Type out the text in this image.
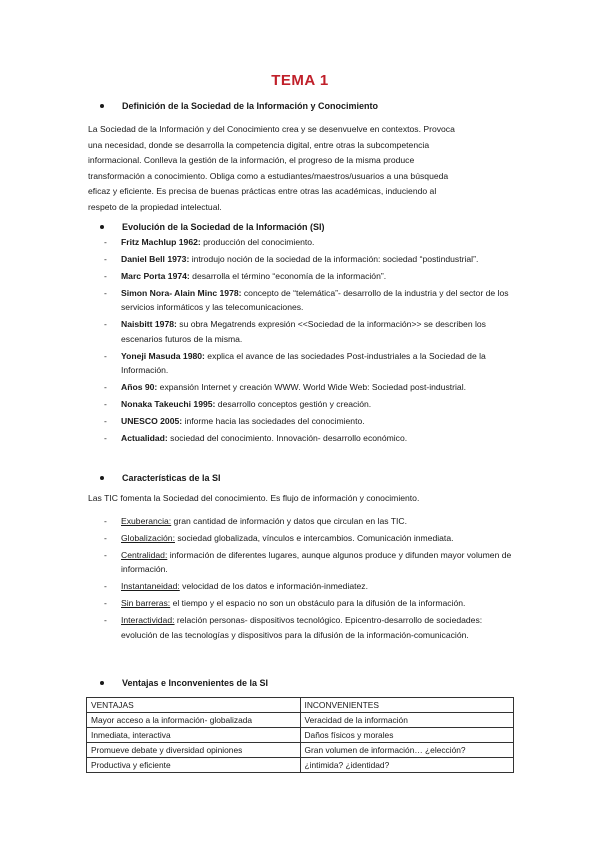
TEMA 1
Definición de la Sociedad de la Información y Conocimiento
La Sociedad de la Información y del Conocimiento crea y se desenvuelve en contextos. Provoca
una necesidad, donde se desarrolla la competencia digital, entre otras la subcompetencia
informacional. Conlleva la gestión de la información, el progreso de la misma produce
transformación a conocimiento. Obliga como a estudiantes/maestros/usuarios a una búsqueda
eficaz y eficiente. Es precisa de buenas prácticas entre otras las académicas, induciendo al
respeto de la propiedad intelectual.
Evolución de la Sociedad de la Información (SI)
- Fritz Machlup 1962: producción del conocimiento.
- Daniel Bell 1973: introdujo noción de la sociedad de la información: sociedad “postindustrial”.
- Marc Porta 1974: desarrolla el término “economía de la información”.
- Simon Nora- Alain Minc 1978: concepto de “telemática”- desarrollo de la industria y del sector de los servicios informáticos y las telecomunicaciones.
- Naisbitt 1978: su obra Megatrends expresión <<Sociedad de la información>> se describen los escenarios futuros de la misma.
- Yoneji Masuda 1980: explica el avance de las sociedades Post-industriales a la Sociedad de la Información.
- Años 90: expansión Internet y creación WWW. World Wide Web: Sociedad post-industrial.
- Nonaka Takeuchi 1995: desarrollo conceptos gestión y creación.
- UNESCO 2005: informe hacia las sociedades del conocimiento.
- Actualidad: sociedad del conocimiento. Innovación- desarrollo económico.
Características de la SI
Las TIC fomenta la Sociedad del conocimiento. Es flujo de información y conocimiento.
- Exuberancia: gran cantidad de información y datos que circulan en las TIC.
- Globalización: sociedad globalizada, vínculos e intercambios. Comunicación inmediata.
- Centralidad: información de diferentes lugares, aunque algunos produce y difunden mayor volumen de información.
- Instantaneidad: velocidad de los datos e información-inmediatez.
- Sin barreras: el tiempo y el espacio no son un obstáculo para la difusión de la información.
- Interactividad: relación personas- dispositivos tecnológico. Epicentro-desarrollo de sociedades: evolución de las tecnologías y dispositivos para la difusión de la información-comunicación.
Ventajas e Inconvenientes de la SI
VENTAJAS	INCONVENIENTES
Mayor acceso a la información- globalizada	Veracidad de la información
Inmediata, interactiva	Daños físicos y morales
Promueve debate y diversidad opiniones	Gran volumen de información… ¿elección?
Productiva y eficiente	¿intimida? ¿identidad?
